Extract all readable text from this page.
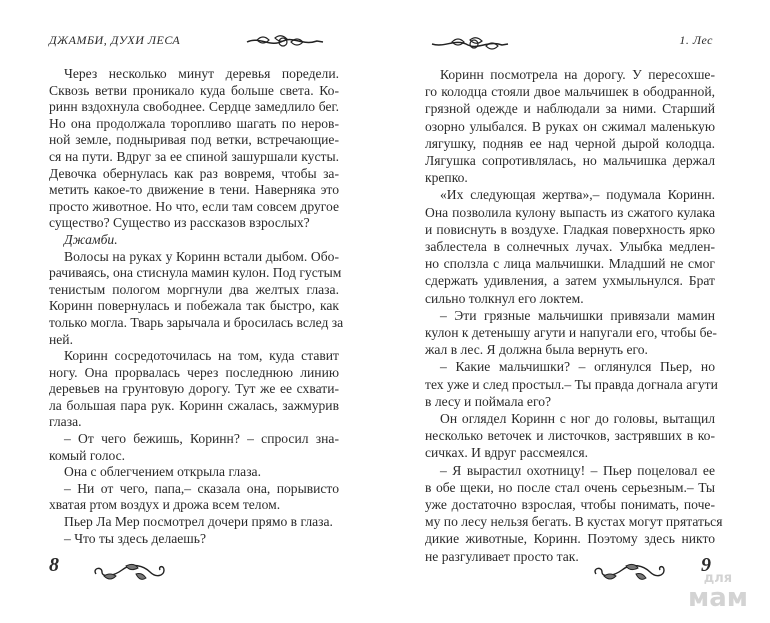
ДЖАМБИ, ДУХИ ЛЕСА
Через несколько минут деревья поредели.
Сквозь ветви проникало куда больше света. Ко-
ринн вздохнула свободнее. Сердце замедлило бег.
Но она продолжала торопливо шагать по неров-
ной земле, подныривая под ветки, встречающие-
ся на пути. Вдруг за ее спиной зашуршали кусты.
Девочка обернулась как раз вовремя, чтобы за-
метить какое-то движение в тени. Наверняка это
просто животное. Но что, если там совсем другое
существо? Существо из рассказов взрослых?
Джамби.
Волосы на руках у Коринн встали дыбом. Обо-
рачиваясь, она стиснула мамин кулон. Под густым
тенистым пологом моргнули два желтых глаза.
Коринн повернулась и побежала так быстро, как
только могла. Тварь зарычала и бросилась вслед за
ней.
Коринн сосредоточилась на том, куда ставит
ногу. Она прорвалась через последнюю линию
деревьев на грунтовую дорогу. Тут же ее схвати-
ла большая пара рук. Коринн сжалась, зажмурив
глаза.
– От чего бежишь, Коринн? – спросил зна-
комый голос.
Она с облегчением открыла глаза.
– Ни от чего, папа,– сказала она, порывисто
хватая ртом воздух и дрожа всем телом.
Пьер Ла Мер посмотрел дочери прямо в глаза.
– Что ты здесь делаешь?
8
1. Лес
Коринн посмотрела на дорогу. У пересохше-
го колодца стояли двое мальчишек в ободранной,
грязной одежде и наблюдали за ними. Старший
озорно улыбался. В руках он сжимал маленькую
лягушку, подняв ее над черной дырой колодца.
Лягушка сопротивлялась, но мальчишка держал
крепко.
«Их следующая жертва»,– подумала Коринн.
Она позволила кулону выпасть из сжатого кулака
и повиснуть в воздухе. Гладкая поверхность ярко
заблестела в солнечных лучах. Улыбка медлен-
но сползла с лица мальчишки. Младший не смог
сдержать удивления, а затем ухмыльнулся. Брат
сильно толкнул его локтем.
– Эти грязные мальчишки привязали мамин
кулон к детенышу агути и напугали его, чтобы бе-
жал в лес. Я должна была вернуть его.
– Какие мальчишки? – оглянулся Пьер, но
тех уже и след простыл.– Ты правда догнала агути
в лесу и поймала его?
Он оглядел Коринн с ног до головы, вытащил
несколько веточек и листочков, застрявших в ко-
сичках. И вдруг рассмеялся.
– Я вырастил охотницу! – Пьер поцеловал ее
в обе щеки, но после стал очень серьезным.– Ты
уже достаточно взрослая, чтобы понимать, поче-
му по лесу нельзя бегать. В кустах могут прятаться
дикие животные, Коринн. Поэтому здесь никто
не разгуливает просто так.	9
для
мам
